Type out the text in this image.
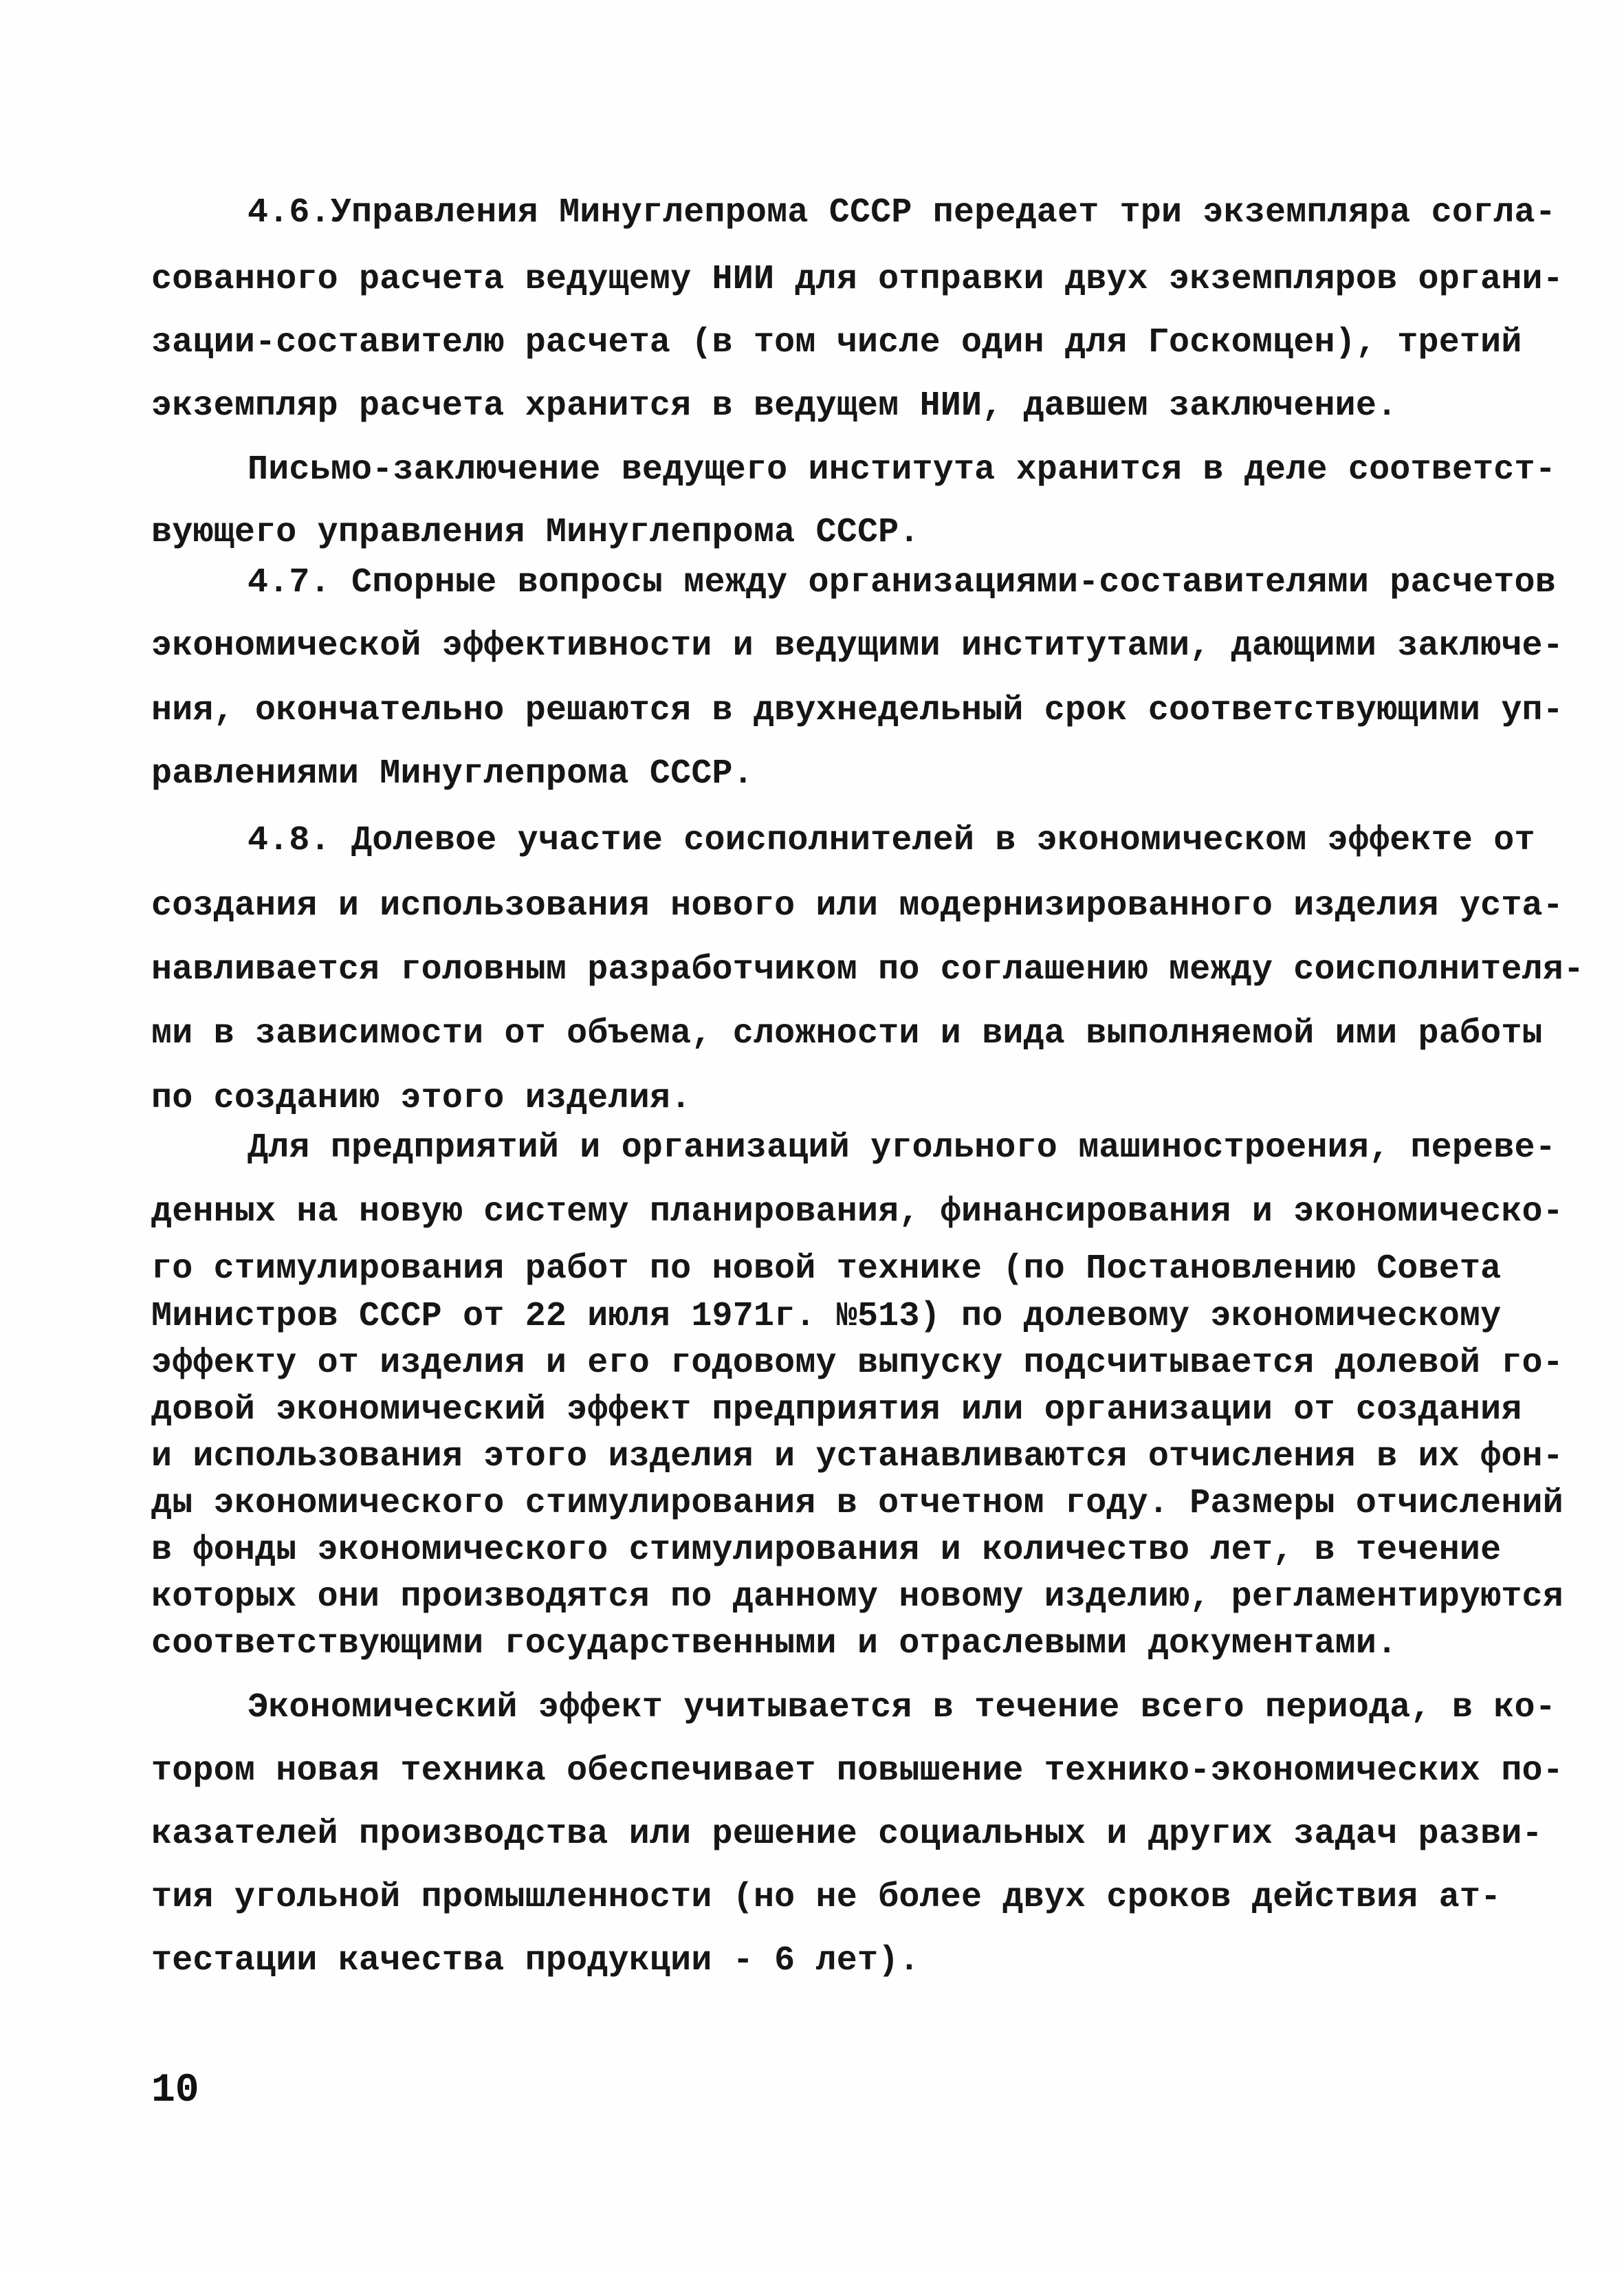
4.6.Управления Минуглепрома СССР передает три экземпляра согла-

сованного расчета ведущему НИИ для отправки двух экземпляров органи-

зации-составителю расчета (в том числе один для Госкомцен), третий

экземпляр расчета хранится в ведущем НИИ, давшем заключение.

Письмо-заключение ведущего института хранится в деле соответст-

вующего управления Минуглепрома СССР.

4.7. Спорные вопросы между организациями-составителями расчетов

экономической эффективности и ведущими институтами, дающими заключе-

ния, окончательно решаются в двухнедельный срок соответствующими уп-

равлениями Минуглепрома СССР.

4.8. Долевое участие соисполнителей в экономическом эффекте от

создания и использования нового или модернизированного изделия уста-

навливается головным разработчиком по соглашению между соисполнителя-

ми в зависимости от объема, сложности и вида выполняемой ими работы

по созданию этого изделия.

Для предприятий и организаций угольного машиностроения, переве-

денных на новую систему планирования, финансирования и экономическо-

го стимулирования работ по новой технике (по Постановлению Совета

Министров СССР от 22 июля 1971г. №513) по долевому экономическому

эффекту от изделия и его годовому выпуску подсчитывается долевой го-

довой экономический эффект предприятия или организации от создания

и использования этого изделия и устанавливаются отчисления в их фон-

ды экономического стимулирования в отчетном году. Размеры отчислений

в фонды экономического стимулирования и количество лет, в течение

которых они производятся по данному новому изделию, регламентируются

соответствующими государственными и отраслевыми документами.

Экономический эффект учитывается в течение всего периода, в ко-

тором новая техника обеспечивает повышение технико-экономических по-

казателей производства или решение социальных и других задач разви-

тия угольной промышленности (но не более двух сроков действия ат-

тестации качества продукции - 6 лет).

10
